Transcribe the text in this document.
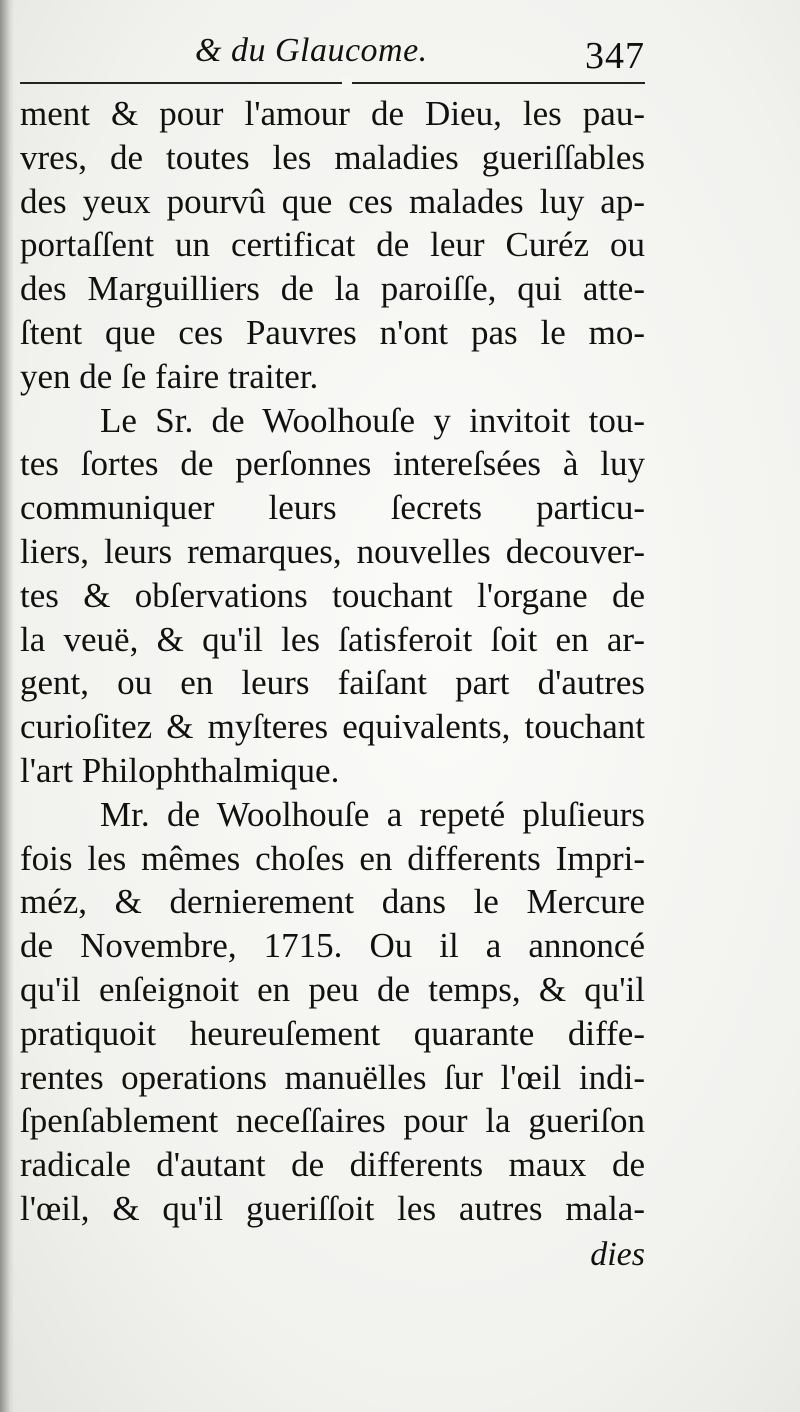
& du Glaucome.	347
ment & pour l'amour de Dieu, les pau-
vres, de toutes les maladies gueriſſables
des yeux pourvû que ces malades luy ap-
portaſſent un certificat de leur Curéz ou
des Marguilliers de la paroiſſe, qui atte-
ſtent que ces Pauvres n'ont pas le mo-
yen de ſe faire traiter.
Le Sr. de Woolhouſe y invitoit tou-
tes ſortes de perſonnes intereſsées à luy
communiquer leurs ſecrets particu-
liers, leurs remarques, nouvelles decouver-
tes & obſervations touchant l'organe de
la veuë, & qu'il les ſatisferoit ſoit en ar-
gent, ou en leurs faiſant part d'autres
curioſitez & myſteres equivalents, touchant
l'art Philophthalmique.
Mr. de Woolhouſe a repeté pluſieurs
fois les mêmes choſes en differents Impri-
méz, & dernierement dans le Mercure
de Novembre, 1715. Ou il a annoncé
qu'il enſeignoit en peu de temps, & qu'il
pratiquoit heureuſement quarante diffe-
rentes operations manuëlles ſur l'œil indi-
ſpenſablement neceſſaires pour la gueriſon
radicale d'autant de differents maux de
l'œil, & qu'il gueriſſoit les autres mala-
dies
